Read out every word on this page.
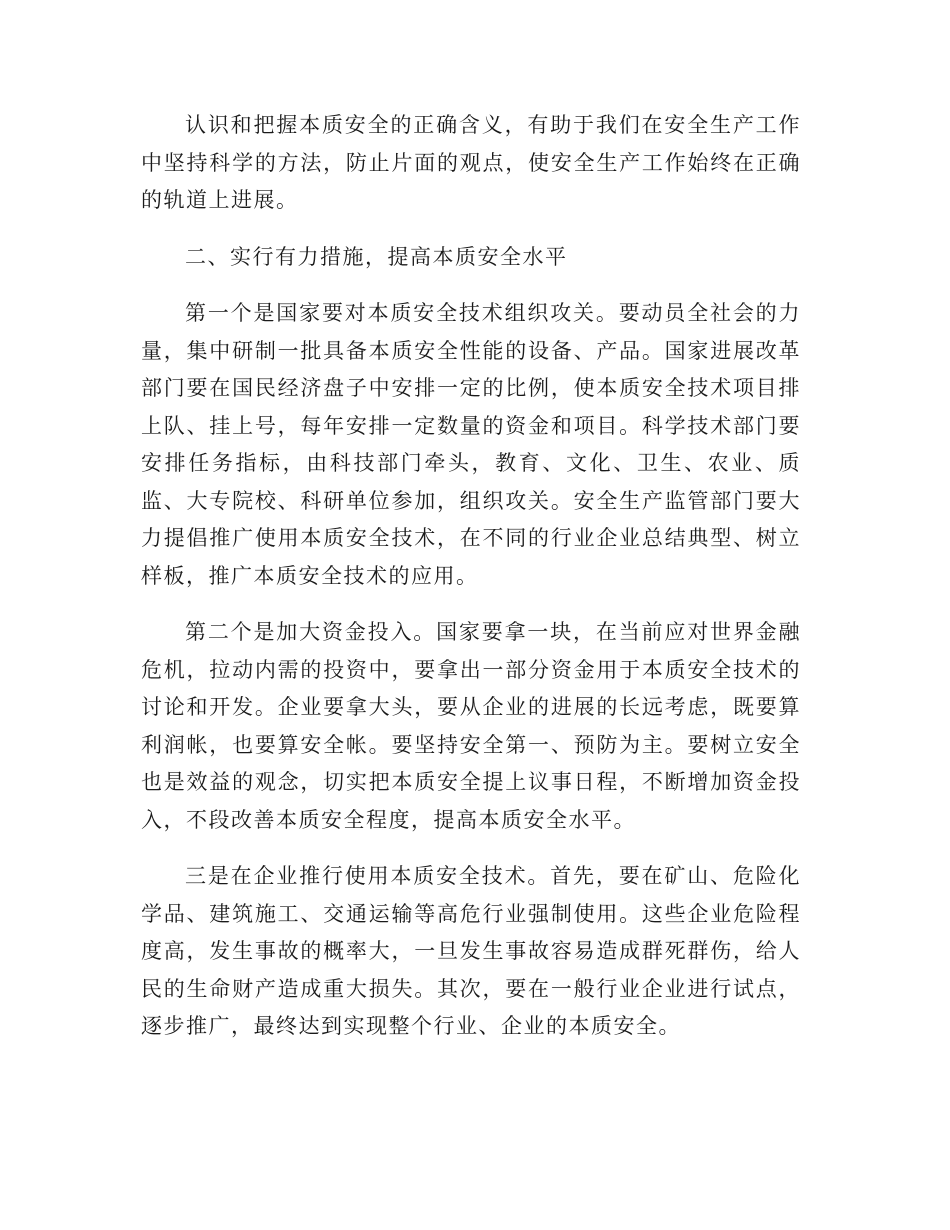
认识和把握本质安全的正确含义，有助于我们在安全生产工作中坚持科学的方法，防止片面的观点，使安全生产工作始终在正确的轨道上进展。

二、实行有力措施，提高本质安全水平

第一个是国家要对本质安全技术组织攻关。要动员全社会的力量，集中研制一批具备本质安全性能的设备、产品。国家进展改革部门要在国民经济盘子中安排一定的比例，使本质安全技术项目排上队、挂上号，每年安排一定数量的资金和项目。科学技术部门要安排任务指标，由科技部门牵头，教育、文化、卫生、农业、质监、大专院校、科研单位参加，组织攻关。安全生产监管部门要大力提倡推广使用本质安全技术，在不同的行业企业总结典型、树立样板，推广本质安全技术的应用。

第二个是加大资金投入。国家要拿一块，在当前应对世界金融危机，拉动内需的投资中，要拿出一部分资金用于本质安全技术的讨论和开发。企业要拿大头，要从企业的进展的长远考虑，既要算利润帐，也要算安全帐。要坚持安全第一、预防为主。要树立安全也是效益的观念，切实把本质安全提上议事日程，不断增加资金投入，不段改善本质安全程度，提高本质安全水平。

三是在企业推行使用本质安全技术。首先，要在矿山、危险化学品、建筑施工、交通运输等高危行业强制使用。这些企业危险程度高，发生事故的概率大，一旦发生事故容易造成群死群伤，给人民的生命财产造成重大损失。其次，要在一般行业企业进行试点，逐步推广，最终达到实现整个行业、企业的本质安全。
